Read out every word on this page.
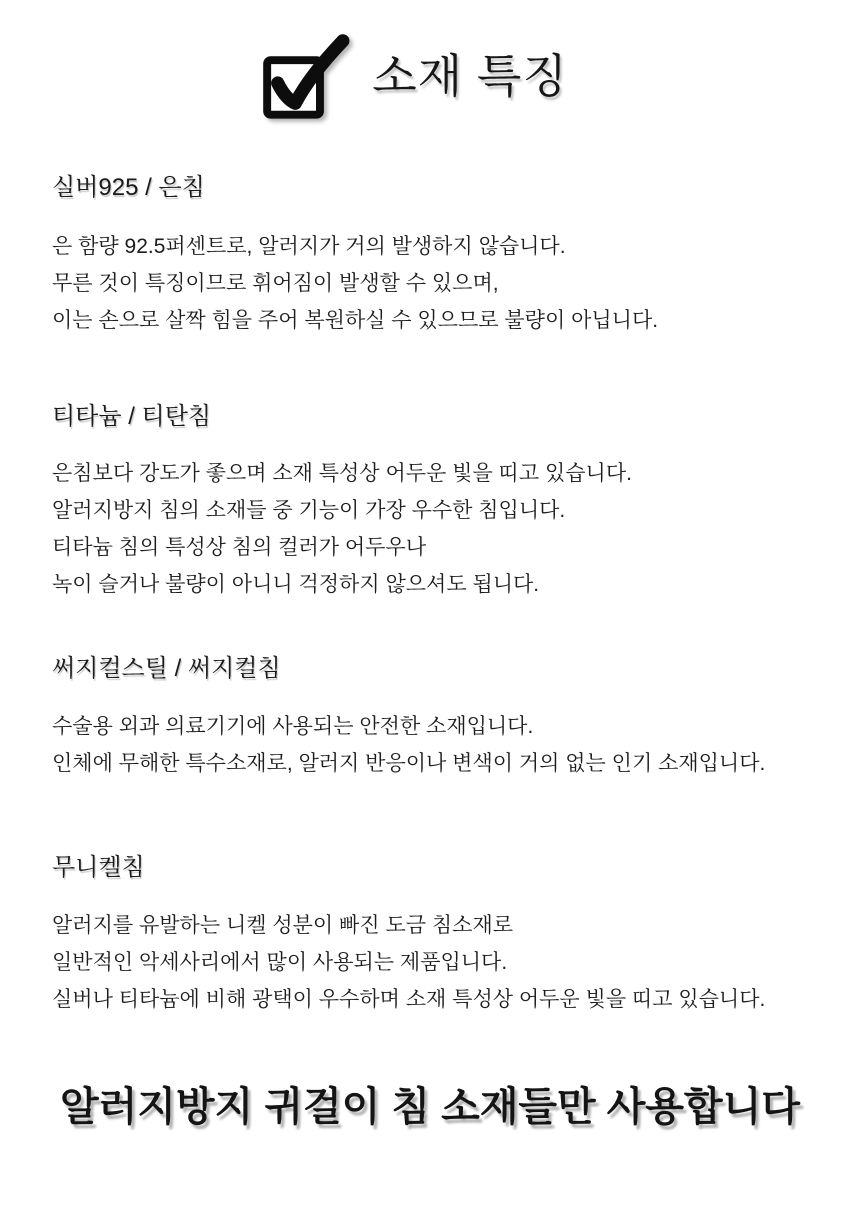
소재 특징
실버925 / 은침

은 함량 92.5퍼센트로, 알러지가 거의 발생하지 않습니다.

무른 것이 특징이므로 휘어짐이 발생할 수 있으며,

이는 손으로 살짝 힘을 주어 복원하실 수 있으므로 불량이 아닙니다.

티타늄 / 티탄침

은침보다 강도가 좋으며 소재 특성상 어두운 빛을 띠고 있습니다.

알러지방지 침의 소재들 중 기능이 가장 우수한 침입니다.

티타늄 침의 특성상 침의 컬러가 어두우나

녹이 슬거나 불량이 아니니 걱정하지 않으셔도 됩니다.

써지컬스틸 / 써지컬침

수술용 외과 의료기기에 사용되는 안전한 소재입니다.

인체에 무해한 특수소재로, 알러지 반응이나 변색이 거의 없는 인기 소재입니다.

무니켈침

알러지를 유발하는 니켈 성분이 빠진 도금 침소재로

일반적인 악세사리에서 많이 사용되는 제품입니다.

실버나 티타늄에 비해 광택이 우수하며 소재 특성상 어두운 빛을 띠고 있습니다.

알러지방지 귀걸이 침 소재들만 사용합니다
